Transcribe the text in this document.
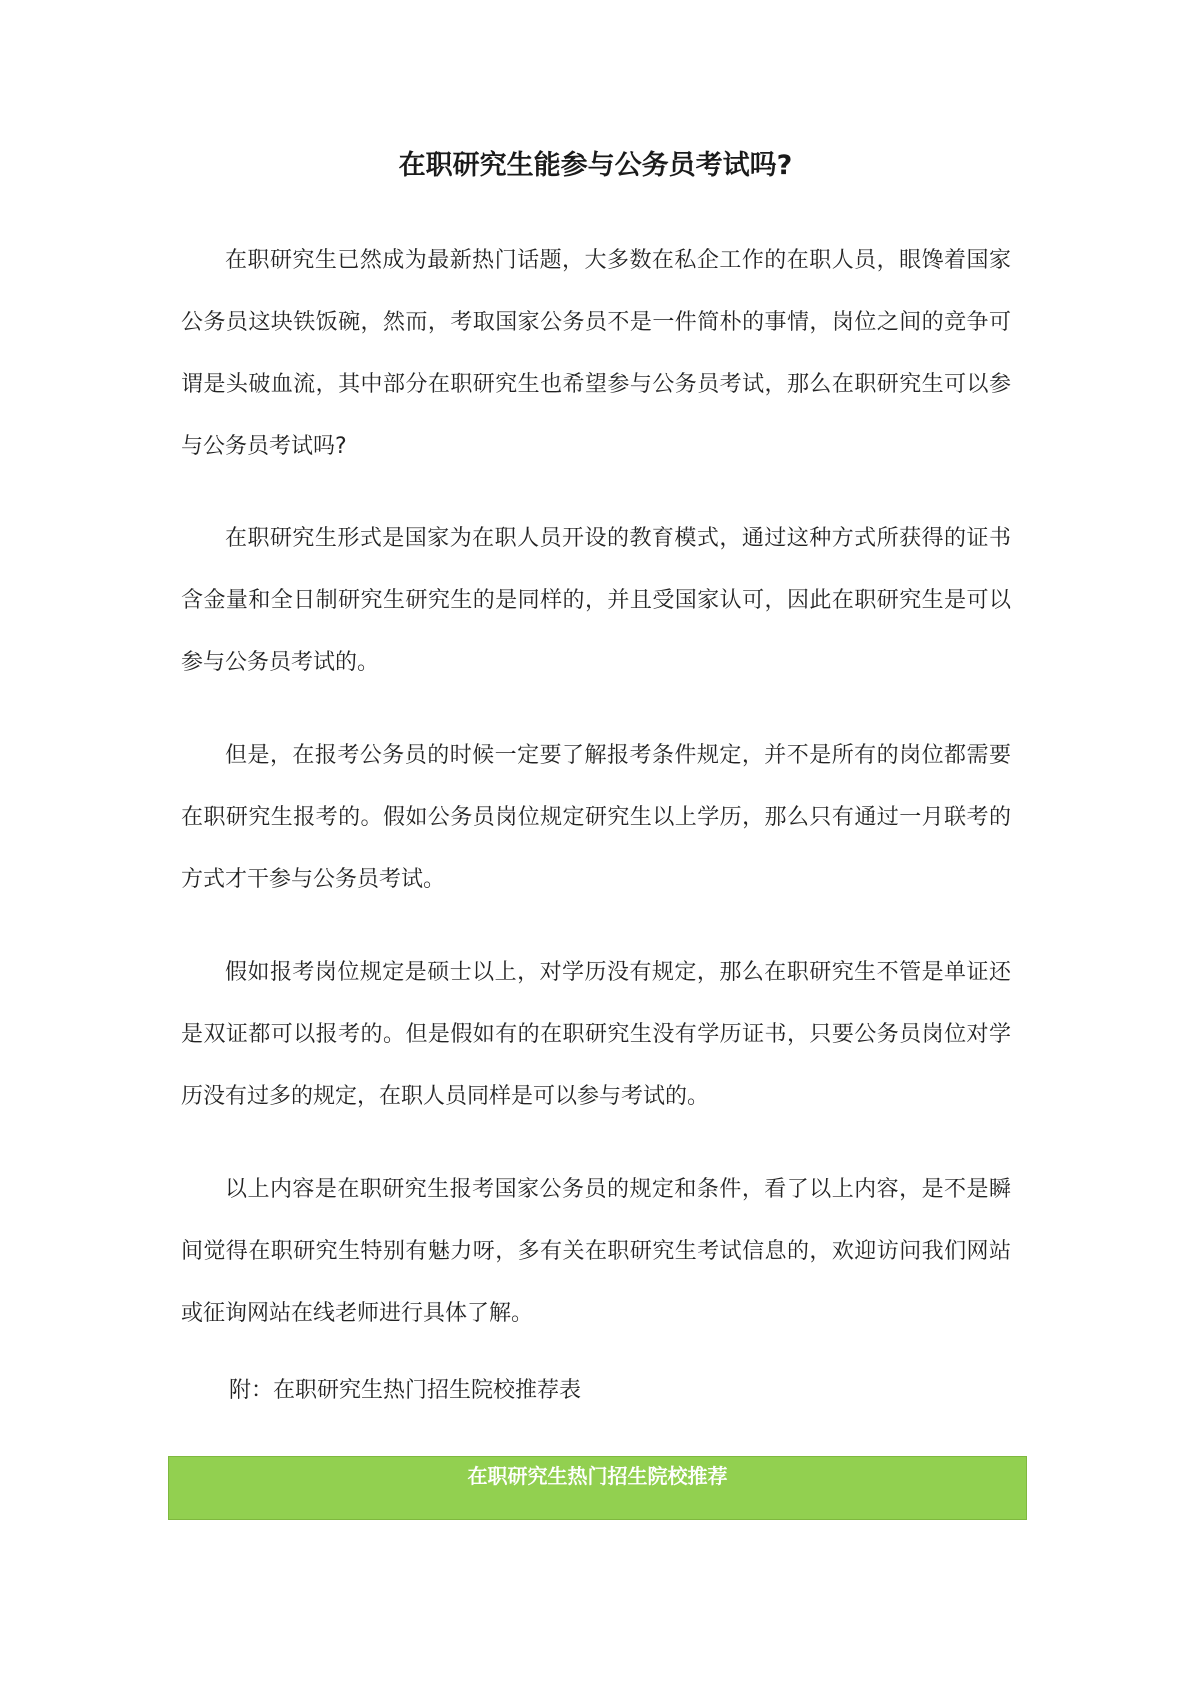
在职研究生能参与公务员考试吗?

在职研究生已然成为最新热门话题，大多数在私企工作的在职人员，眼馋着国家公务员这块铁饭碗，然而，考取国家公务员不是一件简朴的事情，岗位之间的竞争可谓是头破血流，其中部分在职研究生也希望参与公务员考试，那么在职研究生可以参与公务员考试吗?

在职研究生形式是国家为在职人员开设的教育模式，通过这种方式所获得的证书含金量和全日制研究生研究生的是同样的，并且受国家认可，因此在职研究生是可以参与公务员考试的。

但是，在报考公务员的时候一定要了解报考条件规定，并不是所有的岗位都需要在职研究生报考的。假如公务员岗位规定研究生以上学历，那么只有通过一月联考的方式才干参与公务员考试。

假如报考岗位规定是硕士以上，对学历没有规定，那么在职研究生不管是单证还是双证都可以报考的。但是假如有的在职研究生没有学历证书，只要公务员岗位对学历没有过多的规定，在职人员同样是可以参与考试的。

以上内容是在职研究生报考国家公务员的规定和条件，看了以上内容，是不是瞬间觉得在职研究生特别有魅力呀，多有关在职研究生考试信息的，欢迎访问我们网站或征询网站在线老师进行具体了解。

附：在职研究生热门招生院校推荐表

在职研究生热门招生院校推荐
